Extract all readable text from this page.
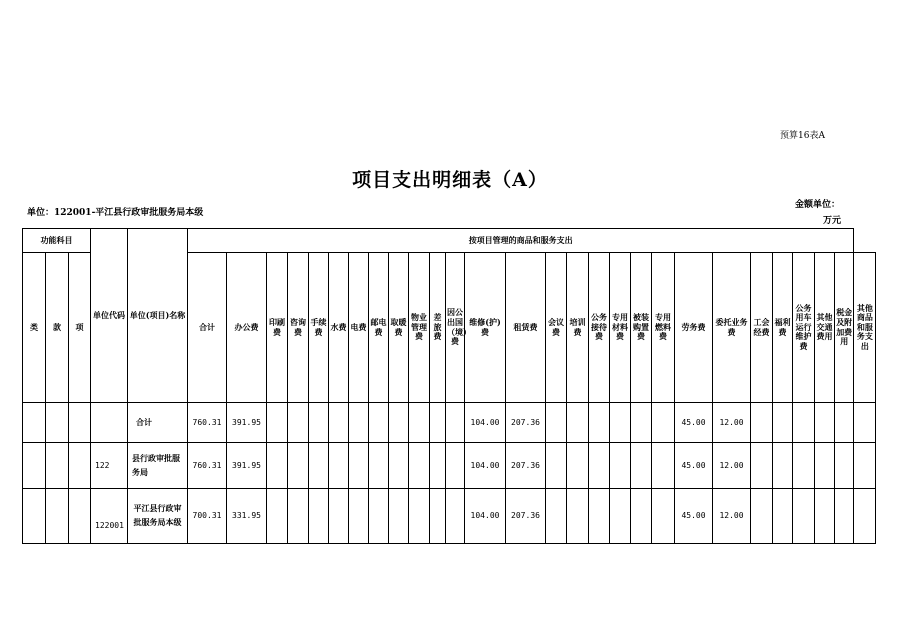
预算16表A
项目支出明细表（A）
单位：122001-平江县行政审批服务局本级
金额单位：
万元
功能科目			单位代码	单位(项目)名称	按项目管理的商品和服务支出																											
类	款	项			合计	办公费	印刷费	咨询费	手续费	水费	电费	邮电费	取暖费	物业管理费	差旅费	因公出国（境）费	维修(护)费	租赁费	会议费	培训费	公务接待费	专用材料费	被装购置费	专用燃料费	劳务费	委托业务费	工会经费	福利费	公务用车运行维护费	其他交通费用	税金及附加费用	其他商品和服务支出
				合计	760.31	391.95											104.00	207.36							45.00	12.00						
			122	县行政审批服务局	760.31	391.95											104.00	207.36							45.00	12.00						
			122001	平江县行政审批服务局本级	700.31	331.95											104.00	207.36							45.00	12.00						
